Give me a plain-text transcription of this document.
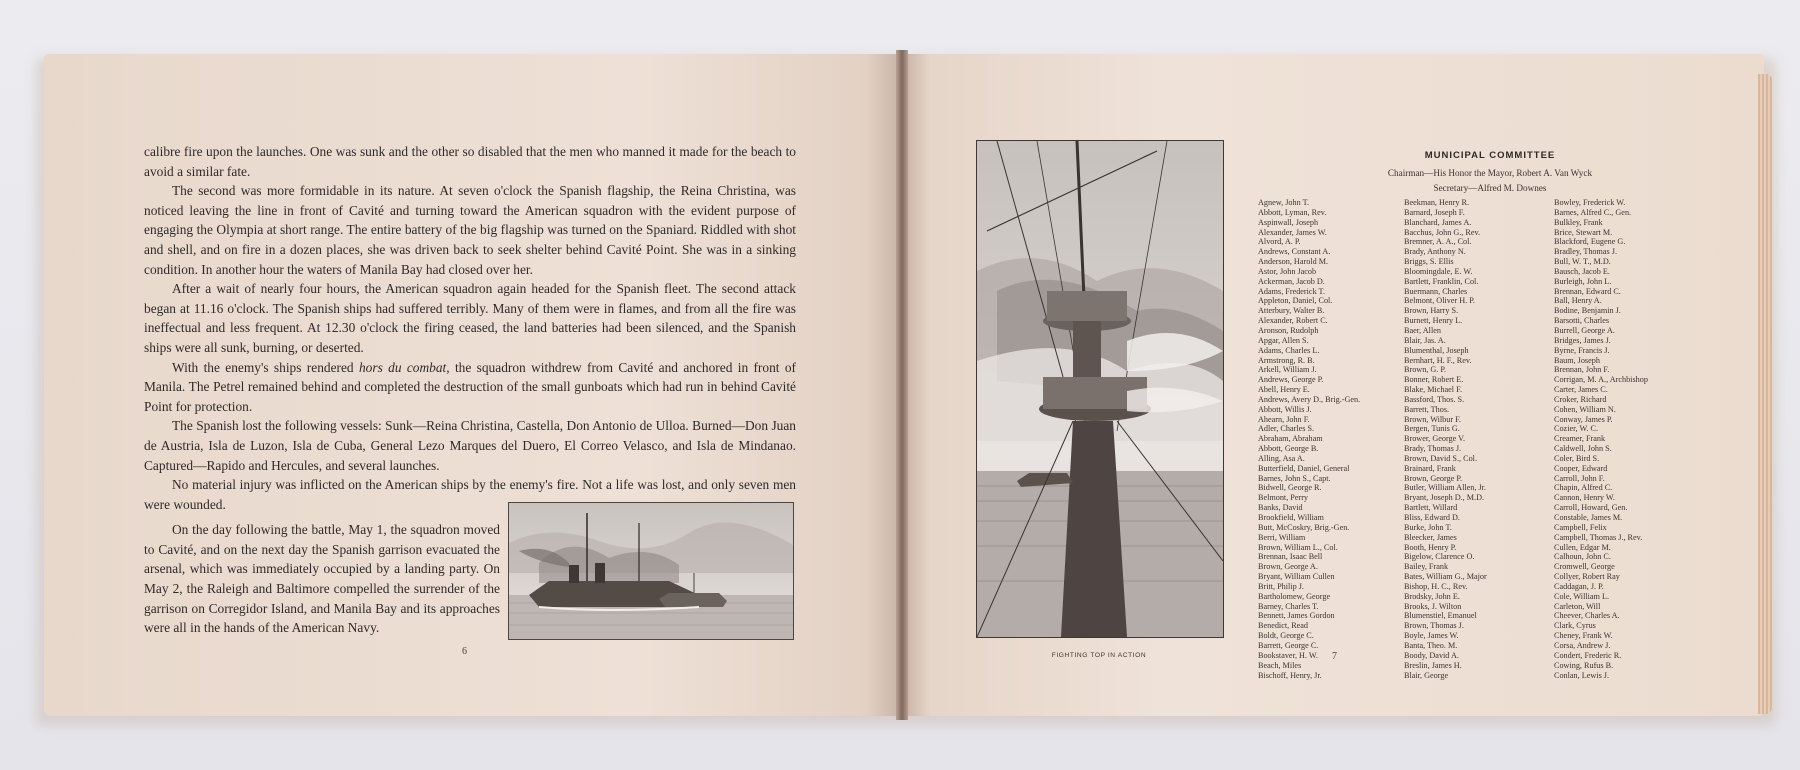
calibre fire upon the launches. One was sunk and the other so disabled that the men who manned it made for the beach to avoid a similar fate.

The second was more formidable in its nature. At seven o'clock the Spanish flagship, the Reina Christina, was noticed leaving the line in front of Cavité and turning toward the American squadron with the evident purpose of engaging the Olympia at short range. The entire battery of the big flagship was turned on the Spaniard. Riddled with shot and shell, and on fire in a dozen places, she was driven back to seek shelter behind Cavité Point. She was in a sinking condition. In another hour the waters of Manila Bay had closed over her.

After a wait of nearly four hours, the American squadron again headed for the Spanish fleet. The second attack began at 11.16 o'clock. The Spanish ships had suffered terribly. Many of them were in flames, and from all the fire was ineffectual and less frequent. At 12.30 o'clock the firing ceased, the land batteries had been silenced, and the Spanish ships were all sunk, burning, or deserted.

With the enemy's ships rendered hors du combat, the squadron withdrew from Cavité and anchored in front of Manila. The Petrel remained behind and completed the destruction of the small gunboats which had run in behind Cavité Point for protection.

The Spanish lost the following vessels: Sunk—Reina Christina, Castella, Don Antonio de Ulloa. Burned—Don Juan de Austria, Isla de Luzon, Isla de Cuba, General Lezo Marques del Duero, El Correo Velasco, and Isla de Mindanao. Captured—Rapido and Hercules, and several launches.

No material injury was inflicted on the American ships by the enemy's fire. Not a life was lost, and only seven men were wounded.

On the day following the battle, May 1, the squadron moved to Cavité, and on the next day the Spanish garrison evacuated the arsenal, which was immediately occupied by a landing party. On May 2, the Raleigh and Baltimore compelled the surrender of the garrison on Corregidor Island, and Manila Bay and its approaches were all in the hands of the American Navy.

6	FIGHTING TOP IN ACTION	7
MUNICIPAL COMMITTEE
Chairman—His Honor the Mayor, Robert A. Van Wyck
Secretary—Alfred M. Downes
Agnew, John T.
Abbott, Lyman, Rev.
Aspinwall, Joseph
Alexander, James W.
Alvord, A. P.
Andrews, Constant A.
Anderson, Harold M.
Astor, John Jacob
Ackerman, Jacob D.
Adams, Frederick T.
Appleton, Daniel, Col.
Atterbury, Walter B.
Alexander, Robert C.
Aronson, Rudolph
Apgar, Allen S.
Adams, Charles L.
Armstrong, R. B.
Arkell, William J.
Andrews, George P.
Abell, Henry E.
Andrews, Avery D., Brig.-Gen.
Abbott, Willis J.
Ahearn, John F.
Adler, Charles S.
Abraham, Abraham
Abbott, George B.
Alling, Asa A.
Butterfield, Daniel, General
Barnes, John S., Capt.
Bidwell, George R.
Belmont, Perry
Banks, David
Brookfield, William
Butt, McCoskry, Brig.-Gen.
Berri, William
Brown, William L., Col.
Brennan, Isaac Bell
Brown, George A.
Bryant, William Cullen
Britt, Philip J.
Bartholomew, George
Barney, Charles T.
Bennett, James Gordon
Benedict, Read
Boldt, George C.
Barrett, George C.
Bookstaver, H. W.
Beach, Miles
Bischoff, Henry, Jr.
Beekman, Henry R.
Barnard, Joseph F.
Blanchard, James A.
Bacchus, John G., Rev.
Bremner, A. A., Col.
Brady, Anthony N.
Briggs, S. Ellis
Bloomingdale, E. W.
Bartlett, Franklin, Col.
Buermann, Charles
Belmont, Oliver H. P.
Brown, Harry S.
Burnett, Henry L.
Baer, Allen
Blair, Jas. A.
Blumenthal, Joseph
Bernhart, H. F., Rev.
Brown, G. P.
Bonner, Robert E.
Blake, Michael F.
Bassford, Thos. S.
Barrett, Thos.
Brown, Wilbur F.
Bergen, Tunis G.
Brower, George V.
Brady, Thomas J.
Brown, David S., Col.
Brainard, Frank
Brown, George P.
Butler, William Allen, Jr.
Bryant, Joseph D., M.D.
Bartlett, Willard
Bliss, Edward D.
Burke, John T.
Bleecker, James
Booth, Henry P.
Bigelow, Clarence O.
Bailey, Frank
Bates, William G., Major
Bishop, H. C., Rev.
Brodsky, John E.
Brooks, J. Wilton
Blumenstiel, Emanuel
Brown, Thomas J.
Boyle, James W.
Banta, Theo. M.
Boody, David A.
Breslin, James H.
Blair, George
Bowley, Frederick W.
Barnes, Alfred C., Gen.
Bulkley, Frank
Brice, Stewart M.
Blackford, Eugene G.
Bradley, Thomas J.
Bull, W. T., M.D.
Bausch, Jacob E.
Burleigh, John L.
Brennan, Edward C.
Ball, Henry A.
Bodine, Benjamin J.
Barsotti, Charles
Burrell, George A.
Bridges, James J.
Byrne, Francis J.
Baum, Joseph
Brennan, John F.
Corrigan, M. A., Archbishop
Carter, James C.
Croker, Richard
Cohen, William N.
Conway, James P.
Cozier, W. C.
Creamer, Frank
Caldwell, John S.
Coler, Bird S.
Cooper, Edward
Carroll, John F.
Chapin, Alfred C.
Cannon, Henry W.
Carroll, Howard, Gen.
Constable, James M.
Campbell, Felix
Campbell, Thomas J., Rev.
Cullen, Edgar M.
Calhoun, John C.
Cromwell, George
Collyer, Robert Ray
Caddagan, J. P.
Cole, William L.
Carleton, Will
Cheever, Charles A.
Clark, Cyrus
Cheney, Frank W.
Corsa, Andrew J.
Condert, Frederic R.
Cowing, Rufus B.
Conlan, Lewis J.
